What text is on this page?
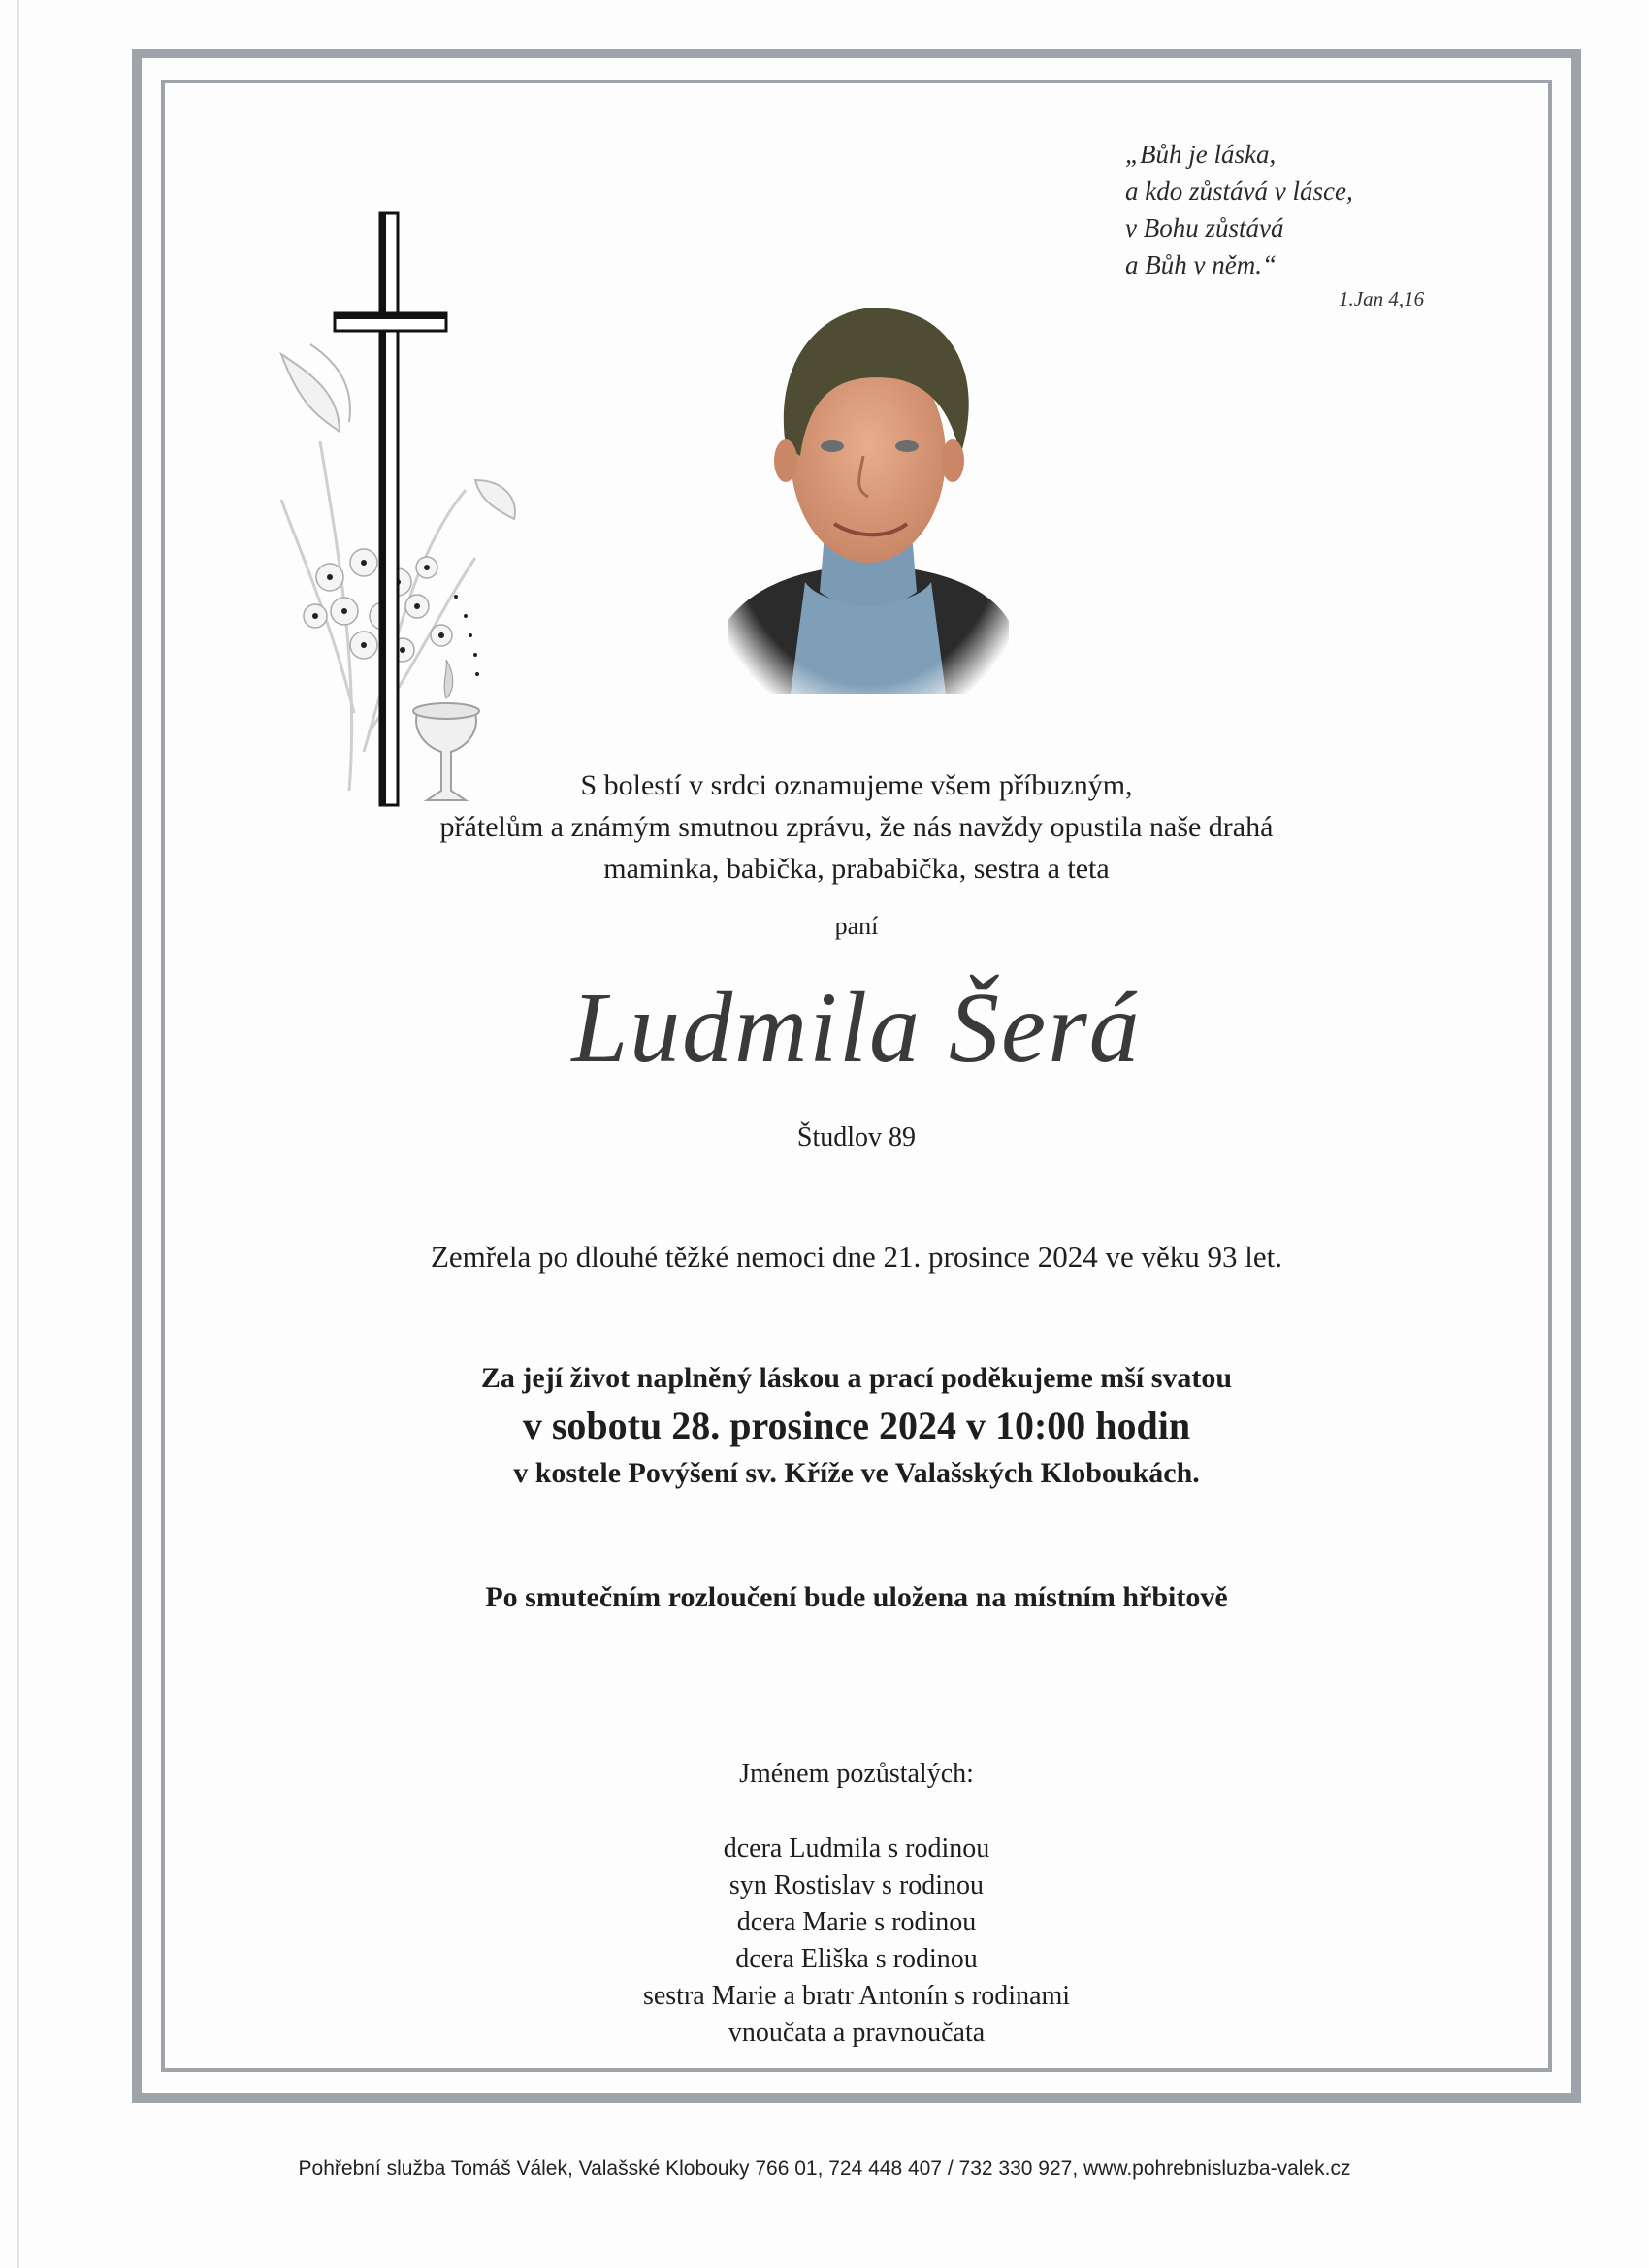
„Bůh je láska,
a kdo zůstává v lásce,
v Bohu zůstává
a Bůh v něm.“
1.Jan 4,16
S bolestí v srdci oznamujeme všem příbuzným,
přátelům a známým smutnou zprávu, že nás navždy opustila naše drahá
maminka, babička, prababička, sestra a teta
paní
Ludmila Šerá
Študlov 89
Zemřela po dlouhé těžké nemoci dne 21. prosince 2024 ve věku 93 let.
Za její život naplněný láskou a prací poděkujeme mší svatou
v sobotu 28. prosince 2024 v 10:00 hodin
v kostele Povýšení sv. Kříže ve Valašských Kloboukách.
Po smutečním rozloučení bude uložena na místním hřbitově
Jménem pozůstalých:
dcera Ludmila s rodinou
syn Rostislav s rodinou
dcera Marie s rodinou
dcera Eliška s rodinou
sestra Marie a bratr Antonín s rodinami
vnoučata a pravnoučata
Pohřební služba Tomáš Válek, Valašské Klobouky 766 01, 724 448 407 / 732 330 927, www.pohrebnisluzba-valek.cz
